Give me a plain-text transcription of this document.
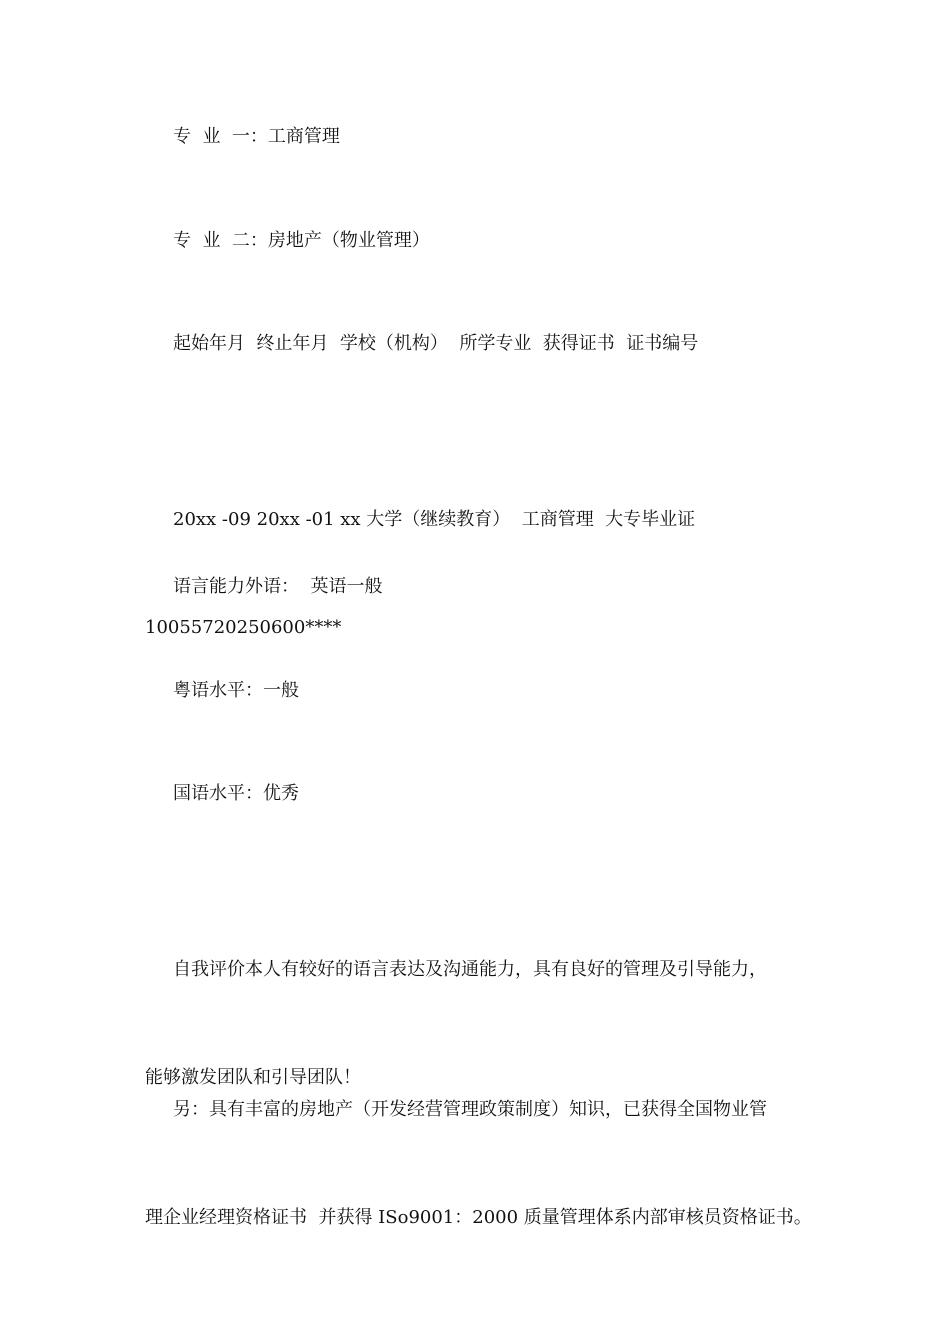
专  业  一：工商管理

专  业  二：房地产（物业管理）

起始年月  终止年月  学校（机构）  所学专业  获得证书  证书编号

20xx -09 20xx -01 xx 大学（继续教育）  工商管理  大专毕业证

10055720250600****

语言能力外语：  英语一般

粤语水平：一般

国语水平：优秀

自我评价本人有较好的语言表达及沟通能力，具有良好的管理及引导能力，

能够激发团队和引导团队！

另：具有丰富的房地产（开发经营管理政策制度）知识，已获得全国物业管

理企业经理资格证书  并获得 ISo9001：2000 质量管理体系内部审核员资格证书。
